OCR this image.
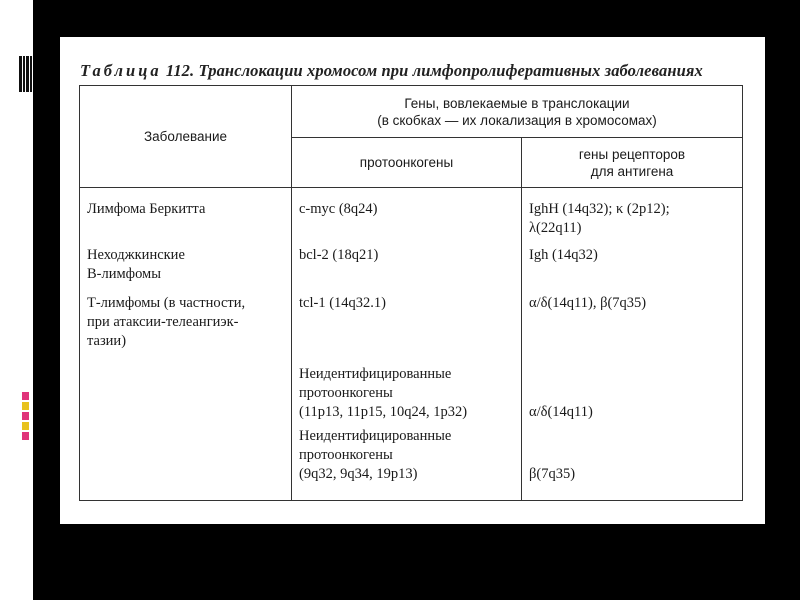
Таблица 112. Транслокации хромосом при лимфопролиферативных заболеваниях
Заболевание	Гены, вовлекаемые в транслокации
(в скобках — их локализация в хромосомах)	

	протоонкогены	гены рецепторов
для антигена

Лимфома Беркитта	c-myc (8q24)	IghH (14q32); κ (2p12);
λ(22q11)

Неходжкинские
B-лимфомы	bcl-2 (18q21)	Igh (14q32)

Т-лимфомы (в частности,
при атаксии-телеангиэк-
тазии)	tcl-1 (14q32.1)	α/δ(14q11), β(7q35)

	Неидентифицированные
протоонкогены
(11p13, 11p15, 10q24, 1p32)	α/δ(14q11)

	Неидентифицированные
протоонкогены
(9q32, 9q34, 19p13)	β(7q35)
